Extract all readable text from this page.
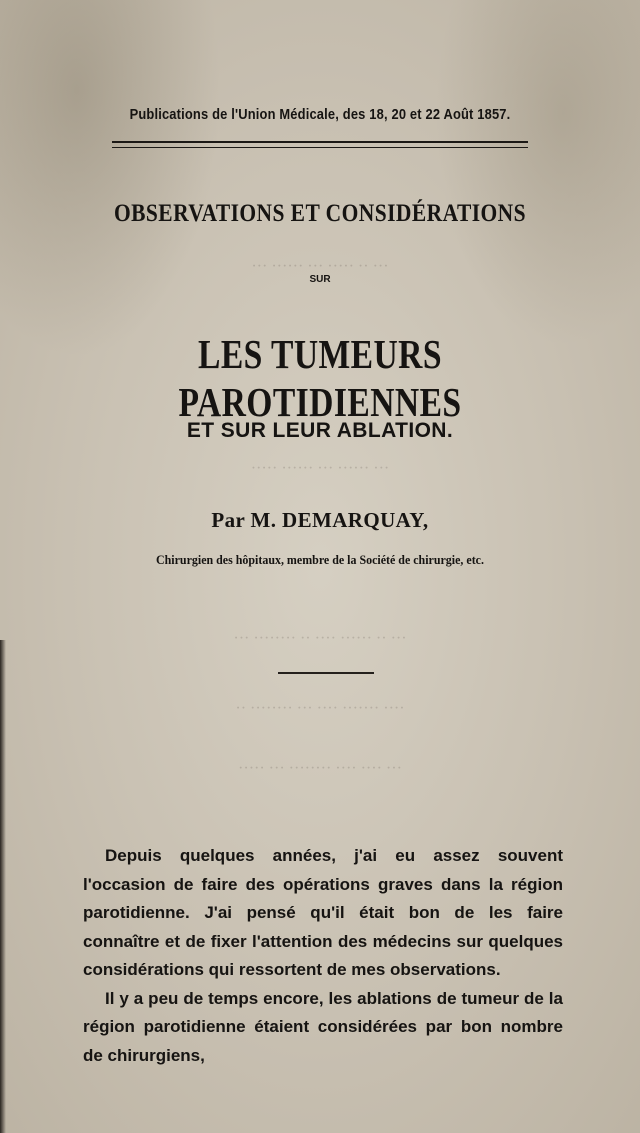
··· ·· ····· ··· ······ ···
··· ······ ··· ······ ·····
··· ·· ······ ···· ·· ········ ···
···· ······· ···· ··· ········ ··
··· ···· ···· ········ ··· ·····
Publications de l'Union Médicale, des 18, 20 et 22 Août 1857.
OBSERVATIONS ET CONSIDÉRATIONS
SUR
LES TUMEURS PAROTIDIENNES
ET SUR LEUR ABLATION.
Par M. DEMARQUAY,
Chirurgien des hôpitaux, membre de la Société de chirurgie, etc.

Depuis quelques années, j'ai eu assez souvent l'occasion de faire des opérations graves dans la région parotidienne. J'ai pensé qu'il était bon de les faire connaître et de fixer l'attention des médecins sur quelques considérations qui ressortent de mes observations.

Il y a peu de temps encore, les ablations de tumeur de la région parotidienne étaient considérées par bon nombre de chirurgiens,
